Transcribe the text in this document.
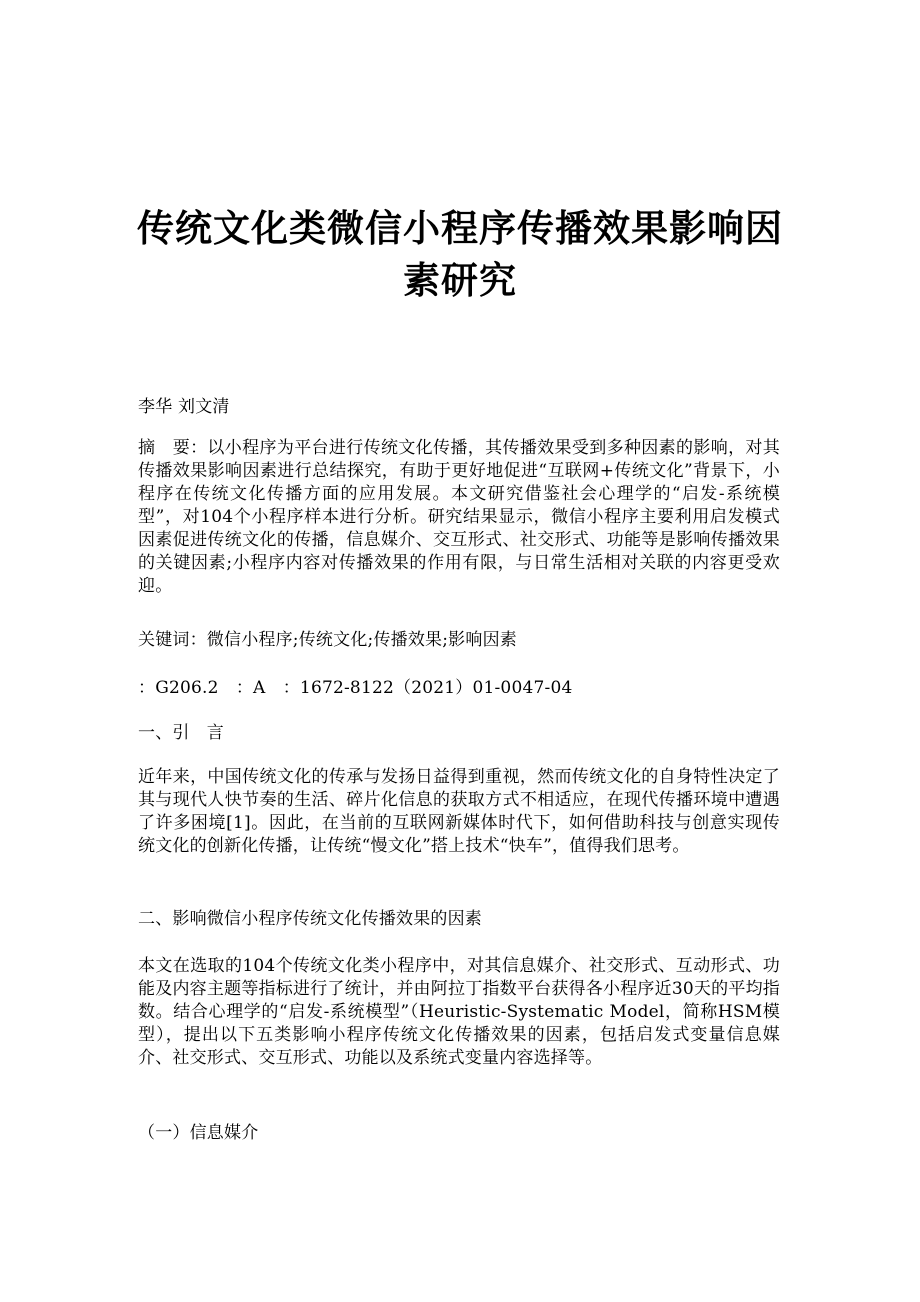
传统文化类微信小程序传播效果影响因素研究
李华 刘文清
摘　要：以小程序为平台进行传统文化传播，其传播效果受到多种因素的影响，对其传播效果影响因素进行总结探究，有助于更好地促进“互联网+传统文化”背景下，小程序在传统文化传播方面的应用发展。本文研究借鉴社会心理学的“启发-系统模型”，对104个小程序样本进行分析。研究结果显示，微信小程序主要利用启发模式因素促进传统文化的传播，信息媒介、交互形式、社交形式、功能等是影响传播效果的关键因素;小程序内容对传播效果的作用有限，与日常生活相对关联的内容更受欢迎。
关键词：微信小程序;传统文化;传播效果;影响因素
：G206.2　：A　：1672-8122（2021）01-0047-04
一、引　言
近年来，中国传统文化的传承与发扬日益得到重视，然而传统文化的自身特性决定了其与现代人快节奏的生活、碎片化信息的获取方式不相适应，在现代传播环境中遭遇了许多困境[1]。因此，在当前的互联网新媒体时代下，如何借助科技与创意实现传统文化的创新化传播，让传统“慢文化”搭上技术“快车”，值得我们思考。
二、影响微信小程序传统文化传播效果的因素
本文在选取的104个传统文化类小程序中，对其信息媒介、社交形式、互动形式、功能及内容主题等指标进行了统计，并由阿拉丁指数平台获得各小程序近30天的平均指数。结合心理学的“启发-系统模型”（Heuristic-Systematic Model，简称HSM模型），提出以下五类影响小程序传统文化传播效果的因素，包括启发式变量信息媒介、社交形式、交互形式、功能以及系统式变量内容选择等。
（一）信息媒介
